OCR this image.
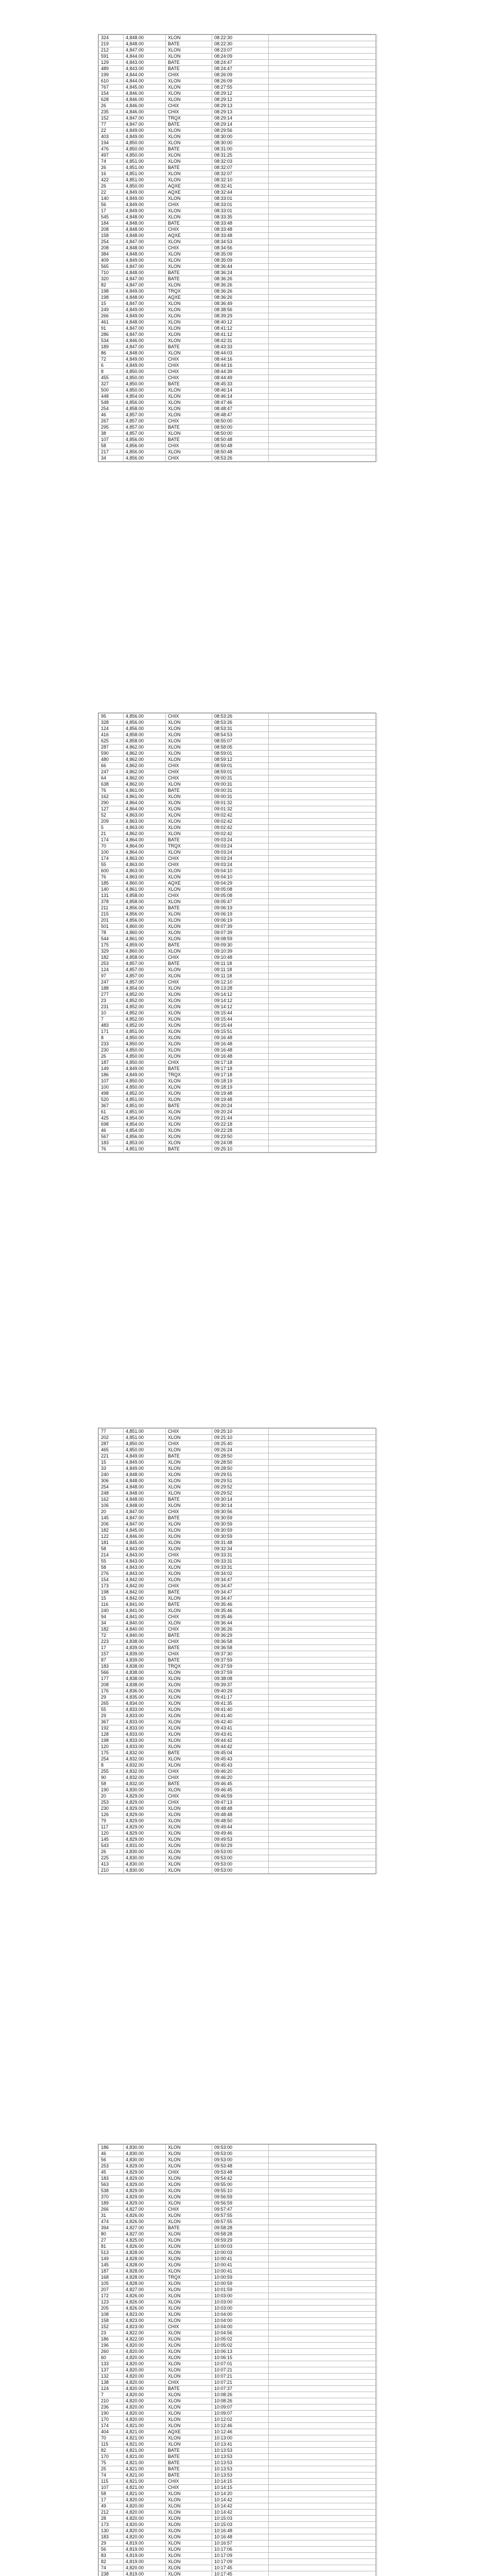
324	4,848.00	XLON	08:22:30	
219	4,848.00	BATE	08:22:30	
212	4,847.00	XLON	08:23:07	
591	4,844.00	XLON	08:24:09	
129	4,843.00	BATE	08:24:47	
489	4,843.00	BATE	08:24:47	
199	4,844.00	CHIX	08:26:09	
610	4,844.00	XLON	08:26:09	
767	4,845.00	XLON	08:27:55	
154	4,846.00	XLON	08:29:12	
628	4,846.00	XLON	08:29:12	
26	4,846.00	CHIX	08:29:13	
235	4,846.00	CHIX	08:29:13	
152	4,847.00	TRQX	08:29:14	
77	4,847.00	BATE	08:29:14	
22	4,849.00	XLON	08:29:56	
403	4,849.00	XLON	08:30:00	
194	4,850.00	XLON	08:30:00	
476	4,850.00	BATE	08:31:00	
497	4,850.00	XLON	08:31:25	
74	4,851.00	XLON	08:32:03	
26	4,851.00	BATE	08:32:07	
16	4,851.00	XLON	08:32:07	
422	4,851.00	XLON	08:32:10	
26	4,850.00	AQXE	08:32:41	
22	4,849.00	AQXE	08:32:44	
140	4,849.00	XLON	08:33:01	
56	4,849.00	CHIX	08:33:01	
17	4,849.00	XLON	08:33:01	
545	4,848.00	XLON	08:33:35	
184	4,848.00	BATE	08:33:48	
208	4,848.00	CHIX	08:33:48	
158	4,848.00	AQXE	08:33:48	
254	4,847.00	XLON	08:34:53	
208	4,848.00	CHIX	08:34:56	
384	4,848.00	XLON	08:35:09	
409	4,849.00	XLON	08:35:09	
565	4,847.00	XLON	08:36:44	
710	4,848.00	BATE	08:36:24	
320	4,847.00	BATE	08:36:26	
82	4,847.00	XLON	08:36:26	
198	4,849.00	TRQX	08:36:26	
198	4,848.00	AQXE	08:36:26	
15	4,847.00	XLON	08:36:49	
249	4,849.00	XLON	08:38:56	
266	4,849.00	XLON	08:39:29	
461	4,848.00	XLON	08:40:12	
91	4,847.00	XLON	08:41:12	
286	4,847.00	XLON	08:41:12	
534	4,846.00	XLON	08:42:31	
189	4,847.00	BATE	08:43:33	
86	4,848.00	XLON	08:44:03	
72	4,849.00	CHIX	08:44:16	
6	4,849.00	CHIX	08:44:16	
8	4,850.00	CHIX	08:44:39	
455	4,850.00	CHIX	08:44:49	
327	4,850.00	BATE	08:45:33	
500	4,850.00	XLON	08:46:14	
448	4,854.00	XLON	08:46:14	
548	4,856.00	XLON	08:47:46	
254	4,858.00	XLON	08:48:47	
46	4,857.00	XLON	08:48:47	
267	4,857.00	CHIX	08:50:00	
295	4,857.00	BATE	08:50:00	
38	4,857.00	XLON	08:50:00	
107	4,856.00	BATE	08:50:48	
58	4,856.00	CHIX	08:50:48	
217	4,856.00	XLON	08:50:48	
34	4,856.00	CHIX	08:53:26	
95	4,856.00	CHIX	08:53:26	
328	4,856.00	XLON	08:53:26	
124	4,856.00	XLON	08:53:31	
416	4,858.00	XLON	08:54:53	
625	4,858.00	XLON	08:55:07	
287	4,862.00	XLON	08:58:05	
590	4,862.00	XLON	08:59:01	
480	4,862.00	XLON	08:59:12	
66	4,862.00	CHIX	08:59:01	
247	4,862.00	CHIX	08:59:01	
64	4,862.00	CHIX	09:00:31	
638	4,862.00	XLON	09:00:31	
76	4,861.00	BATE	09:00:31	
162	4,861.00	XLON	09:00:31	
290	4,864.00	XLON	09:01:32	
127	4,864.00	XLON	09:01:32	
52	4,863.00	XLON	09:02:42	
209	4,863.00	XLON	09:02:42	
5	4,863.00	XLON	09:02:42	
21	4,862.00	XLON	09:02:42	
174	4,864.00	BATE	09:03:24	
70	4,864.00	TRQX	09:03:24	
100	4,864.00	XLON	09:03:24	
174	4,863.00	CHIX	09:03:24	
55	4,863.00	CHIX	09:03:24	
600	4,863.00	XLON	09:04:10	
76	4,863.00	XLON	09:04:10	
185	4,860.00	AQXE	09:04:29	
140	4,861.00	XLON	09:05:08	
131	4,858.00	CHIX	09:05:08	
378	4,858.00	XLON	09:05:47	
211	4,856.00	BATE	09:06:19	
215	4,856.00	XLON	09:06:19	
201	4,856.00	XLON	09:06:19	
501	4,860.00	XLON	09:07:39	
78	4,860.00	XLON	09:07:39	
544	4,861.00	XLON	09:08:59	
175	4,859.00	BATE	09:09:30	
329	4,860.00	XLON	09:10:39	
182	4,858.00	CHIX	09:10:48	
253	4,857.00	BATE	09:11:18	
124	4,857.00	XLON	09:11:18	
97	4,857.00	XLON	09:11:18	
247	4,857.00	CHIX	09:12:10	
188	4,854.00	XLON	09:13:28	
277	4,852.00	XLON	09:14:12	
23	4,852.00	XLON	09:14:12	
231	4,852.00	XLON	09:14:12	
10	4,852.00	XLON	09:15:44	
7	4,852.00	XLON	09:15:44	
483	4,852.00	XLON	09:15:44	
171	4,851.00	XLON	09:15:51	
8	4,850.00	XLON	09:16:48	
233	4,850.00	XLON	09:16:48	
230	4,850.00	XLON	09:16:48	
26	4,850.00	XLON	09:16:48	
187	4,850.00	CHIX	09:17:18	
149	4,849.00	BATE	09:17:18	
186	4,849.00	TRQX	09:17:18	
107	4,850.00	XLON	09:18:19	
100	4,850.00	XLON	09:18:19	
498	4,852.00	XLON	09:19:48	
520	4,851.00	XLON	09:19:48	
367	4,851.00	BATE	09:20:24	
61	4,851.00	XLON	09:20:24	
425	4,854.00	XLON	09:21:44	
698	4,854.00	XLON	09:22:18	
46	4,854.00	XLON	09:22:28	
567	4,856.00	XLON	09:23:50	
183	4,853.00	XLON	09:24:08	
76	4,851.00	BATE	09:25:10	
77	4,851.00	CHIX	09:25:10	
202	4,851.00	XLON	09:25:10	
287	4,850.00	CHIX	09:25:40	
465	4,850.00	XLON	09:26:24	
221	4,849.00	BATE	09:28:50	
15	4,849.00	XLON	09:28:50	
33	4,849.00	XLON	09:28:50	
240	4,848.00	XLON	09:29:51	
306	4,848.00	XLON	09:29:51	
254	4,848.00	XLON	09:29:52	
248	4,848.00	XLON	09:29:52	
162	4,848.00	BATE	09:30:14	
106	4,848.00	XLON	09:30:14	
20	4,847.00	CHIX	09:30:56	
145	4,847.00	BATE	09:30:59	
206	4,847.00	XLON	09:30:59	
182	4,845.00	XLON	09:30:59	
122	4,846.00	XLON	09:30:59	
181	4,845.00	XLON	09:31:48	
58	4,843.00	XLON	09:32:34	
214	4,843.00	CHIX	09:33:31	
55	4,843.00	XLON	09:33:31	
58	4,843.00	XLON	09:33:31	
276	4,843.00	XLON	09:34:02	
154	4,842.00	XLON	09:34:47	
173	4,842.00	CHIX	09:34:47	
198	4,842.00	BATE	09:34:47	
15	4,842.00	XLON	09:34:47	
116	4,841.00	BATE	09:35:46	
240	4,841.00	XLON	09:35:46	
94	4,841.00	CHIX	09:35:46	
34	4,840.00	XLON	09:36:44	
182	4,840.00	CHIX	09:36:26	
72	4,840.00	BATE	09:36:29	
223	4,838.00	CHIX	09:36:58	
17	4,839.00	BATE	09:36:58	
157	4,839.00	CHIX	09:37:30	
87	4,839.00	BATE	09:37:59	
183	4,838.00	TRQX	09:37:59	
566	4,838.00	XLON	09:37:59	
177	4,838.00	XLON	09:38:08	
208	4,838.00	XLON	09:39:37	
176	4,836.00	XLON	09:40:29	
29	4,835.00	XLON	09:41:17	
265	4,834.00	XLON	09:41:35	
55	4,833.00	XLON	09:41:40	
29	4,833.00	XLON	09:41:40	
367	4,833.00	XLON	09:42:40	
192	4,833.00	XLON	09:43:41	
128	4,833.00	XLON	09:43:41	
198	4,833.00	XLON	09:44:42	
120	4,833.00	XLON	09:44:42	
175	4,832.00	BATE	09:45:04	
254	4,832.00	XLON	09:45:43	
8	4,832.00	XLON	09:45:43	
255	4,832.00	CHIX	09:46:20	
90	4,832.00	CHIX	09:46:20	
58	4,832.00	BATE	09:46:45	
190	4,830.00	XLON	09:46:45	
20	4,829.00	CHIX	09:46:59	
253	4,829.00	CHIX	09:47:13	
230	4,829.00	XLON	09:48:48	
126	4,829.00	XLON	09:48:48	
79	4,829.00	XLON	09:48:50	
117	4,829.00	XLON	09:49:44	
120	4,829.00	XLON	09:49:46	
145	4,829.00	XLON	09:49:53	
543	4,831.00	XLON	09:50:29	
26	4,830.00	XLON	09:53:00	
225	4,830.00	XLON	09:53:00	
413	4,830.00	XLON	09:53:00	
210	4,830.00	XLON	09:53:00	
186	4,830.00	XLON	09:53:00	
46	4,830.00	XLON	09:53:00	
56	4,830.00	XLON	09:53:00	
253	4,829.00	XLON	09:53:48	
45	4,829.00	CHIX	09:53:48	
183	4,829.00	XLON	09:54:42	
563	4,829.00	XLON	09:55:00	
538	4,829.00	XLON	09:55:10	
370	4,829.00	XLON	09:56:59	
189	4,829.00	XLON	09:56:59	
266	4,827.00	CHIX	09:57:47	
31	4,826.00	XLON	09:57:55	
474	4,826.00	XLON	09:57:55	
394	4,827.00	BATE	09:58:28	
80	4,827.00	XLON	09:58:28	
27	4,825.00	XLON	09:59:29	
81	4,826.00	XLON	10:00:03	
513	4,828.00	XLON	10:00:03	
149	4,828.00	XLON	10:00:41	
145	4,828.00	XLON	10:00:41	
187	4,828.00	XLON	10:00:41	
168	4,828.00	TRQX	10:00:59	
105	4,828.00	XLON	10:00:59	
207	4,827.00	XLON	10:01:59	
172	4,826.00	XLON	10:03:00	
123	4,826.00	XLON	10:03:00	
205	4,826.00	XLON	10:03:00	
108	4,823.00	XLON	10:04:00	
158	4,823.00	XLON	10:04:00	
152	4,823.00	CHIX	10:04:00	
23	4,822.00	XLON	10:04:56	
186	4,822.00	XLON	10:05:02	
196	4,820.00	XLON	10:05:02	
260	4,820.00	XLON	10:06:13	
60	4,820.00	XLON	10:06:15	
133	4,820.00	XLON	10:07:01	
137	4,820.00	XLON	10:07:21	
132	4,820.00	XLON	10:07:21	
138	4,820.00	CHIX	10:07:21	
124	4,820.00	BATE	10:07:37	
7	4,820.00	XLON	10:08:26	
210	4,820.00	XLON	10:08:26	
236	4,820.00	XLON	10:09:07	
190	4,820.00	XLON	10:09:07	
170	4,820.00	XLON	10:12:02	
174	4,821.00	XLON	10:12:46	
404	4,821.00	AQXE	10:12:46	
70	4,821.00	XLON	10:13:00	
115	4,821.00	XLON	10:13:41	
82	4,821.00	BATE	10:13:53	
170	4,821.00	BATE	10:13:53	
75	4,821.00	BATE	10:13:53	
25	4,821.00	BATE	10:13:53	
74	4,821.00	BATE	10:13:53	
115	4,821.00	CHIX	10:14:15	
107	4,821.00	CHIX	10:14:15	
58	4,821.00	XLON	10:14:20	
17	4,820.00	XLON	10:14:42	
49	4,820.00	XLON	10:14:42	
212	4,820.00	XLON	10:14:42	
28	4,820.00	XLON	10:15:03	
173	4,820.00	XLON	10:15:03	
130	4,820.00	XLON	10:16:48	
183	4,820.00	XLON	10:16:48	
29	4,819.00	XLON	10:16:57	
56	4,819.00	XLON	10:17:06	
83	4,819.00	XLON	10:17:09	
82	4,819.00	XLON	10:17:09	
74	4,820.00	XLON	10:17:45	
238	4,819.00	XLON	10:17:45	
